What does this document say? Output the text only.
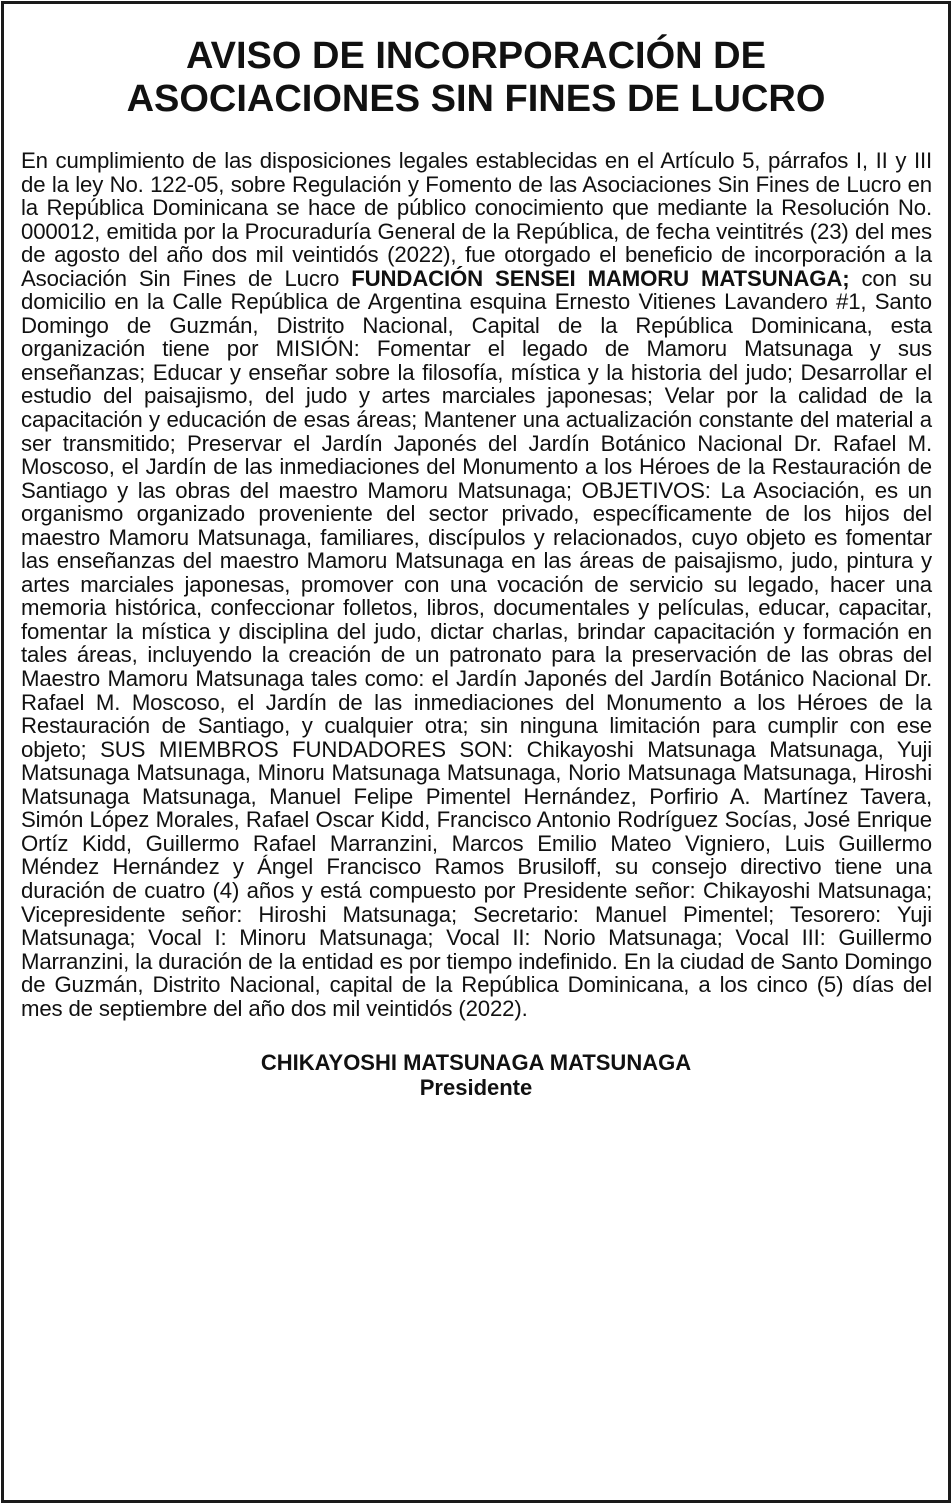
AVISO DE INCORPORACIÓN DE
ASOCIACIONES SIN FINES DE LUCRO
En cumplimiento de las disposiciones legales establecidas en el Artículo 5, párrafos I, II y III de la ley No. 122-05, sobre Regulación y Fomento de las Asociaciones Sin Fines de Lucro en la República Dominicana se hace de público conocimiento que mediante la Resolución No. 000012, emitida por la Procuraduría General de la República, de fecha veintitrés (23) del mes de agosto del año dos mil veintidós (2022), fue otorgado el beneficio de incorporación a la Asociación Sin Fines de Lucro FUNDACIÓN SENSEI MAMORU MATSUNAGA; con su domicilio en la Calle República de Argentina esquina Ernesto Vitienes Lavandero #1, Santo Domingo de Guzmán, Distrito Nacional, Capital de la República Dominicana, esta organización tiene por MISIÓN: Fomentar el legado de Mamoru Matsunaga y sus enseñanzas; Educar y enseñar sobre la filosofía, mística y la historia del judo; Desarrollar el estudio del paisajismo, del judo y artes marciales japonesas; Velar por la calidad de la capacitación y educación de esas áreas; Mantener una actualización constante del material a ser transmitido; Preservar el Jardín Japonés del Jardín Botánico Nacional Dr. Rafael M. Moscoso, el Jardín de las inmediaciones del Monumento a los Héroes de la Restauración de Santiago y las obras del maestro Mamoru Matsunaga; OBJETIVOS: La Asociación, es un organismo organizado proveniente del sector privado, específicamente de los hijos del maestro Mamoru Matsunaga, familiares, discípulos y relacionados, cuyo objeto es fomentar las enseñanzas del maestro Mamoru Matsunaga en las áreas de paisajismo, judo, pintura y artes marciales japonesas, promover con una vocación de servicio su legado, hacer una memoria histórica, confeccionar folletos, libros, documentales y películas, educar, capacitar, fomentar la mística y disciplina del judo, dictar charlas, brindar capacitación y formación en tales áreas, incluyendo la creación de un patronato para la preservación de las obras del Maestro Mamoru Matsunaga tales como: el Jardín Japonés del Jardín Botánico Nacional Dr. Rafael M. Moscoso, el Jardín de las inmediaciones del Monumento a los Héroes de la Restauración de Santiago, y cualquier otra; sin ninguna limitación para cumplir con ese objeto; SUS MIEMBROS FUNDADORES SON: Chikayoshi Matsunaga Matsunaga, Yuji Matsunaga Matsunaga, Minoru Matsunaga Matsunaga, Norio Matsunaga Matsunaga, Hiroshi Matsunaga Matsunaga, Manuel Felipe Pimentel Hernández, Porfirio A. Martínez Tavera, Simón López Morales, Rafael Oscar Kidd, Francisco Antonio Rodríguez Socías, José Enrique Ortíz Kidd, Guillermo Rafael Marranzini, Marcos Emilio Mateo Vigniero, Luis Guillermo Méndez Hernández y Ángel Francisco Ramos Brusiloff, su consejo directivo tiene una duración de cuatro (4) años y está compuesto por Presidente señor: Chikayoshi Matsunaga; Vicepresidente señor: Hiroshi Matsunaga; Secretario: Manuel Pimentel; Tesorero: Yuji Matsunaga; Vocal I: Minoru Matsunaga; Vocal II: Norio Matsunaga; Vocal III: Guillermo Marranzini, la duración de la entidad es por tiempo indefinido. En la ciudad de Santo Domingo de Guzmán, Distrito Nacional, capital de la República Dominicana, a los cinco (5) días del mes de septiembre del año dos mil veintidós (2022).
CHIKAYOSHI MATSUNAGA MATSUNAGA
Presidente
